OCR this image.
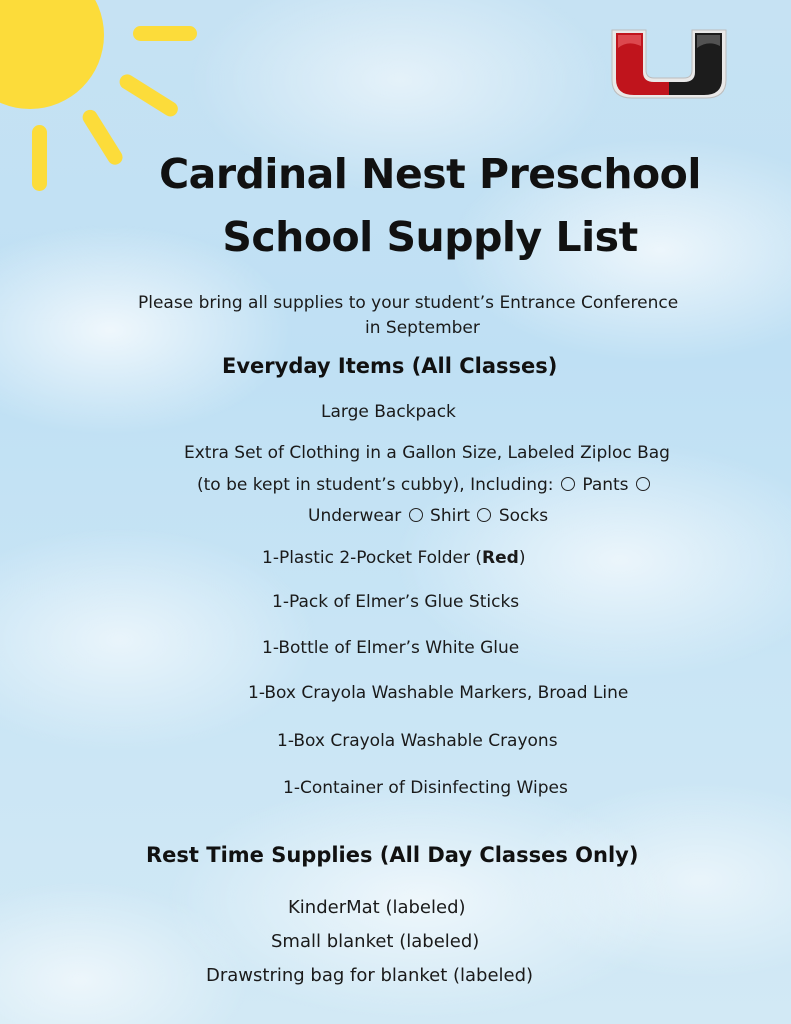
Cardinal Nest Preschool
School Supply List
Please bring all supplies to your student’s Entrance Conference
in September
Everyday Items (All Classes)
Large Backpack
Extra Set of Clothing in a Gallon Size, Labeled Ziploc Bag
(to be kept in student’s cubby), Including: Pants
Underwear Shirt Socks
1-Plastic 2-Pocket Folder (Red)
1-Pack of Elmer’s Glue Sticks
1-Bottle of Elmer’s White Glue
1-Box Crayola Washable Markers, Broad Line
1-Box Crayola Washable Crayons
1-Container of Disinfecting Wipes
Rest Time Supplies (All Day Classes Only)
KinderMat (labeled)
Small blanket (labeled)
Drawstring bag for blanket (labeled)
